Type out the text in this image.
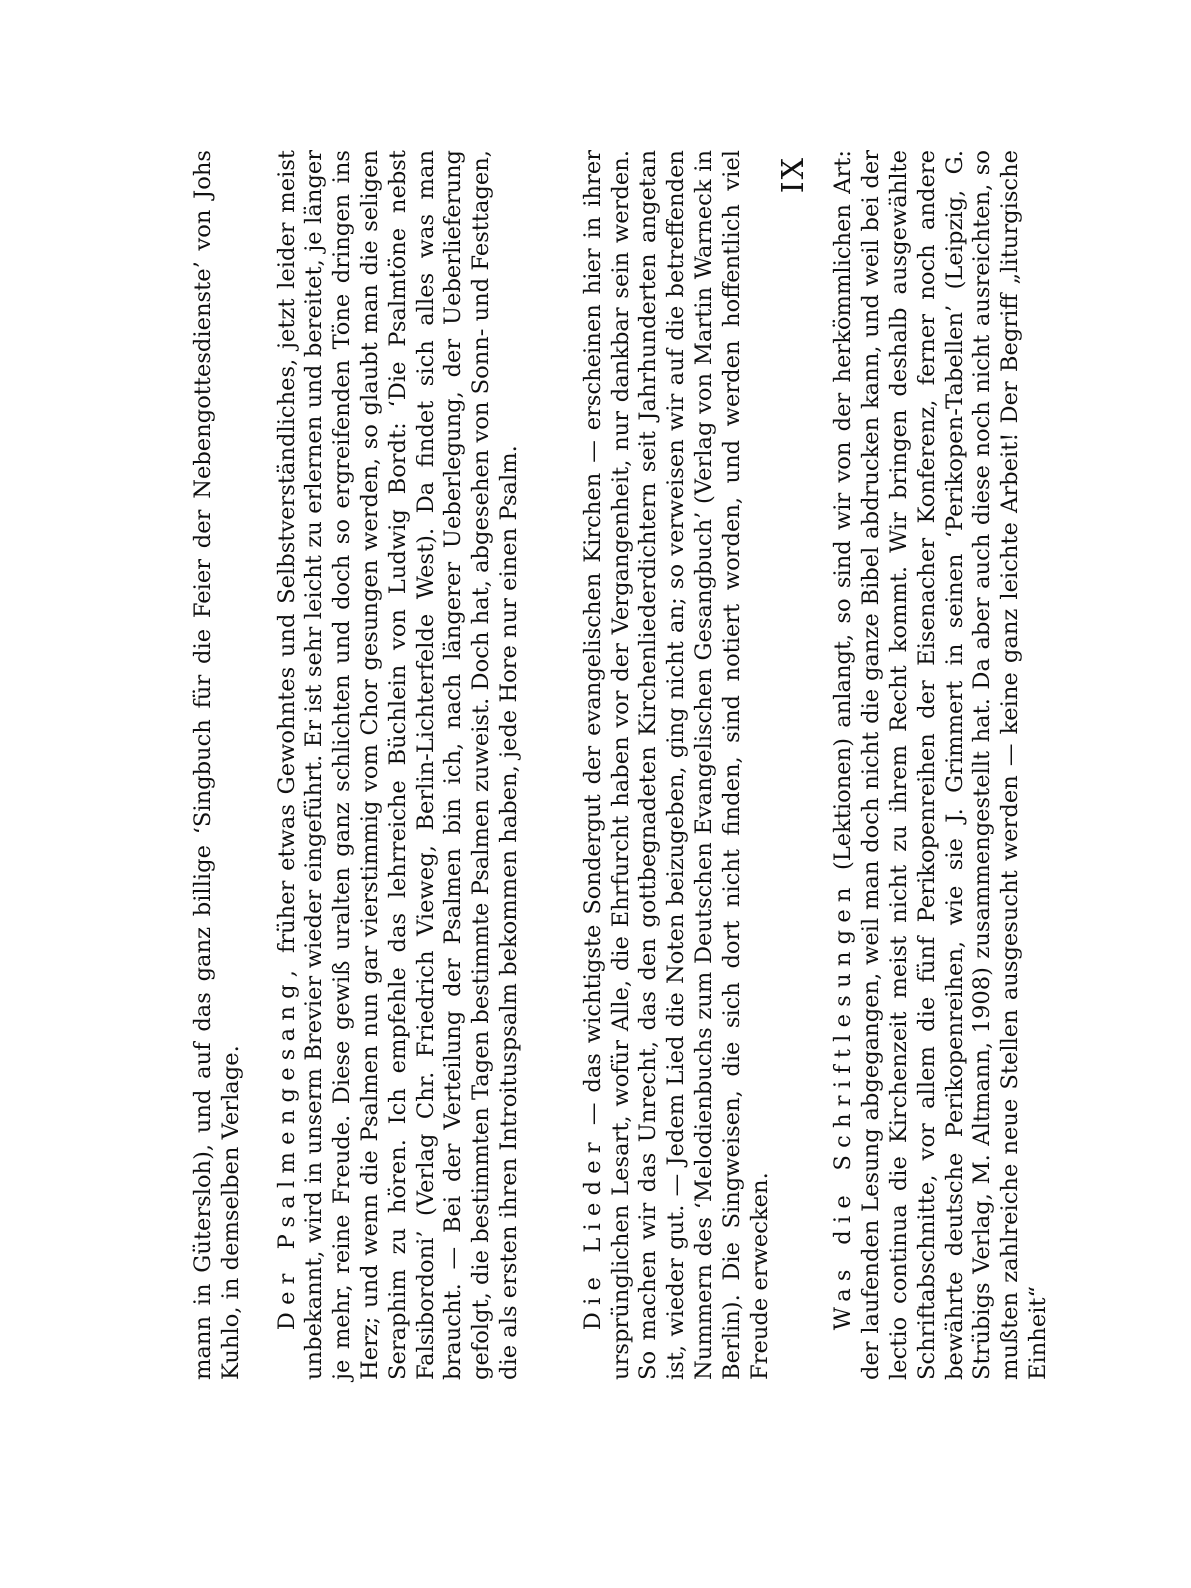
mann in Gütersloh), und auf das ganz billige ‘Singbuch für die Feier der Nebengottesdienste’ von Johs Kuhlo, in demselben Verlage. Der Psalmengesang, früher etwas Gewohntes und Selbstverständliches, jetzt leider meist unbekannt, wird in unserm Brevier wieder eingeführt. Er ist sehr leicht zu erlernen und bereitet, je länger je mehr, reine Freude. Diese gewiß uralten ganz schlichten und doch so ergreifenden Töne dringen ins Herz; und wenn die Psalmen nun gar vierstimmig vom Chor gesungen werden, so glaubt man die seligen Seraphim zu hören. Ich empfehle das lehrreiche Büchlein von Ludwig Bordt: ‘Die Psalmtöne nebst Falsibordoni’ (Verlag Chr. Friedrich Vieweg, Berlin-Lichterfelde West). Da findet sich alles was man braucht. — Bei der Verteilung der Psalmen bin ich, nach längerer Ueberlegung, der Ueberlieferung gefolgt, die bestimmten Tagen bestimmte Psalmen zuweist. Doch hat, abgesehen von Sonn- und Festtagen, die als ersten ihren Introituspsalm bekommen haben, jede Hore nur einen Psalm.	Die Lieder — das wichtigste Sondergut der evangelischen Kirchen — erscheinen hier in ihrer ursprünglichen Lesart, wofür Alle, die Ehrfurcht haben vor der Vergangenheit, nur dankbar sein werden. So machen wir das Unrecht, das den gottbegnadeten Kirchenliederdichtern seit Jahrhunderten angetan ist, wieder gut. — Jedem Lied die Noten beizugeben, ging nicht an; so verweisen wir auf die betreffenden Nummern des ‘Melodienbuchs zum Deutschen Evangelischen Gesangbuch’ (Verlag von Martin Warneck in Berlin). Die Singweisen, die sich dort nicht finden, sind notiert worden, und werden hoffentlich viel Freude erwecken.	Was die Schriftlesungen (Lektionen) anlangt, so sind wir von der herkömmlichen Art: der laufenden Lesung abgegangen, weil man doch nicht die ganze Bibel abdrucken kann, und weil bei der lectio continua die Kirchenzeit meist nicht zu ihrem Recht kommt. Wir bringen deshalb ausgewählte Schriftabschnitte, vor allem die fünf Perikopenreihen der Eisenacher Konferenz, ferner noch andere bewährte deutsche Perikopenreihen, wie sie J. Grimmert in seinen ‘Perikopen-Tabellen’ (Leipzig, G. Strübigs Verlag, M. Altmann, 1908) zusammengestellt hat. Da aber auch diese noch nicht ausreichten, so mußten zahlreiche neue Stellen ausgesucht werden — keine ganz leichte Arbeit! Der Begriff „liturgische Einheit“

IX
